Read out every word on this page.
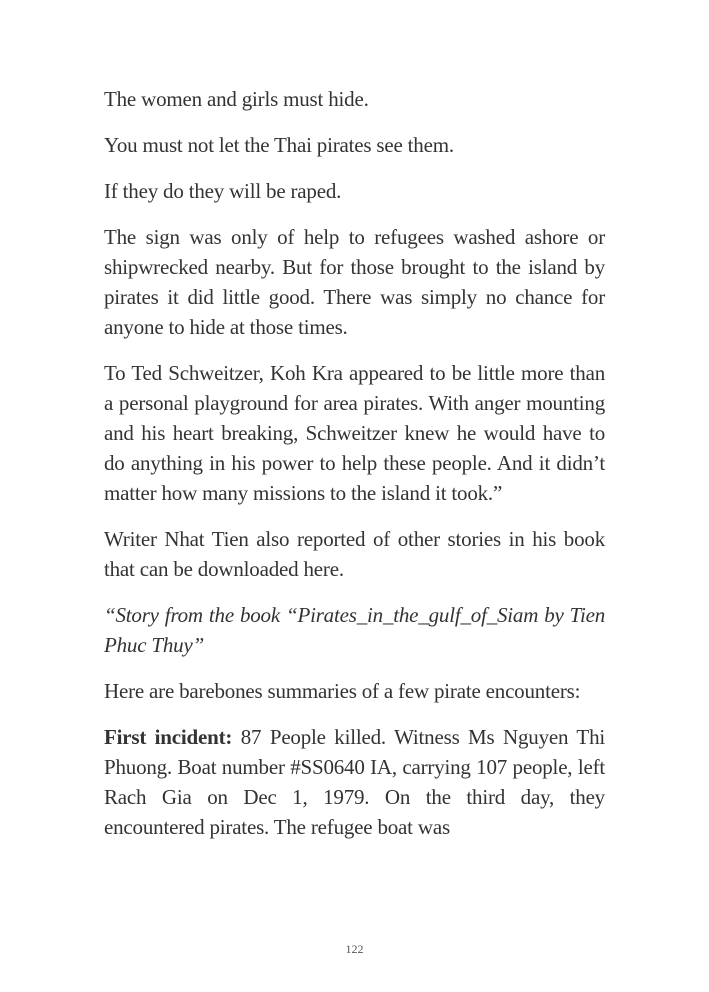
The women and girls must hide.

You must not let the Thai pirates see them.

If they do they will be raped.

The sign was only of help to refugees washed ashore or shipwrecked nearby. But for those brought to the island by pirates it did little good. There was simply no chance for anyone to hide at those times.

To Ted Schweitzer, Koh Kra appeared to be little more than a personal playground for area pirates. With anger mounting and his heart breaking, Schweitzer knew he would have to do anything in his power to help these people. And it didn’t matter how many missions to the island it took.”

Writer Nhat Tien also reported of other stories in his book that can be downloaded here.

“Story from the book “Pirates_in_the_gulf_of_Siam by Tien Phuc Thuy”

Here are barebones summaries of a few pirate encounters:

First incident: 87 People killed. Witness Ms Nguyen Thi Phuong. Boat number #SS0640 IA, carrying 107 people, left Rach Gia on Dec 1, 1979. On the third day, they encountered pirates. The refugee boat was

122
